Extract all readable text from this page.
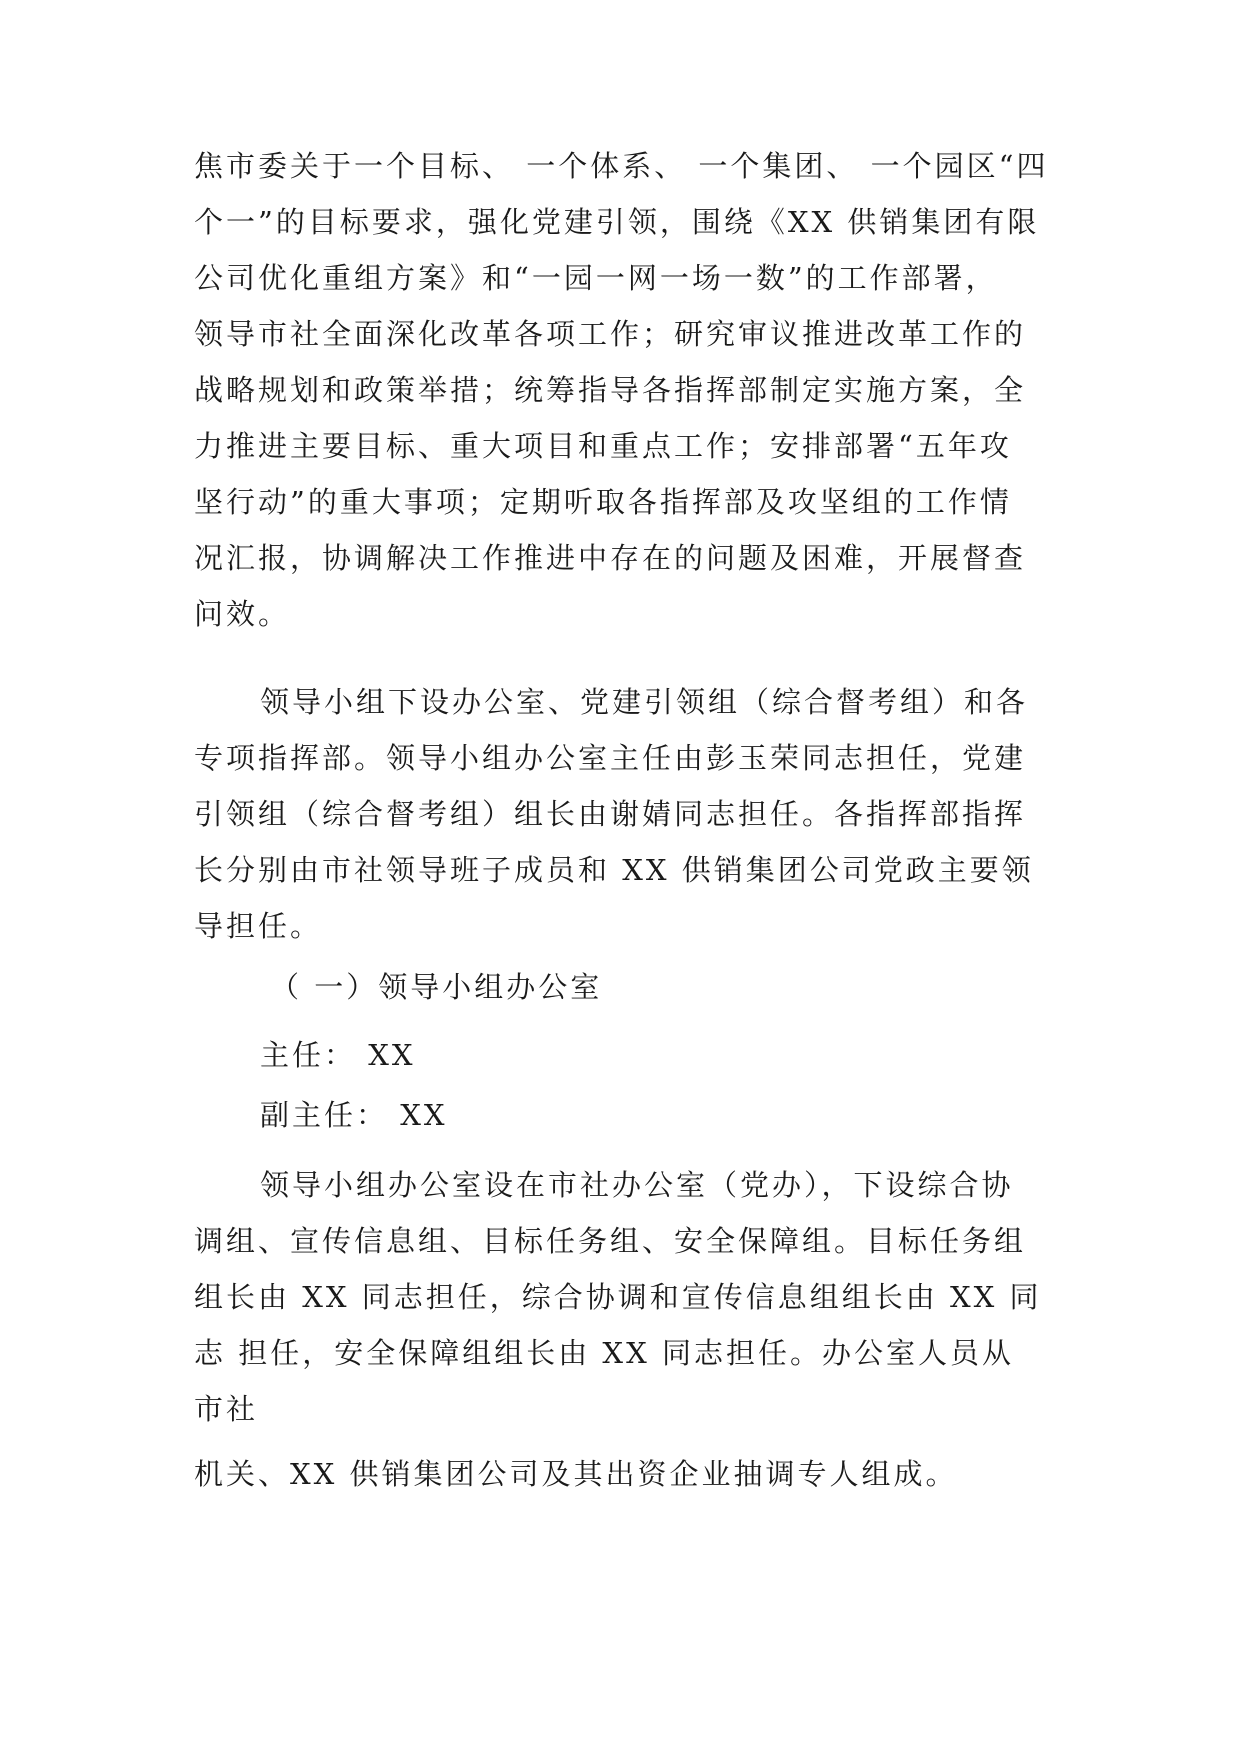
焦市委关于一个目标、 一个体系、 一个集团、 一个园区“四
个一”的目标要求，强化党建引领，围绕《XX 供销集团有限
公司优化重组方案》和“一园一网一场一数”的工作部署，
领导市社全面深化改革各项工作；研究审议推进改革工作的
战略规划和政策举措；统筹指导各指挥部制定实施方案，全
力推进主要目标、重大项目和重点工作；安排部署“五年攻
坚行动”的重大事项；定期听取各指挥部及攻坚组的工作情
况汇报，协调解决工作推进中存在的问题及困难，开展督查
问效。
领导小组下设办公室、党建引领组（综合督考组）和各
专项指挥部。领导小组办公室主任由彭玉荣同志担任，党建
引领组（综合督考组）组长由谢婧同志担任。各指挥部指挥
长分别由市社领导班子成员和 XX 供销集团公司党政主要领
导担任。
（ 一）领导小组办公室
主任： XX
副主任： XX
领导小组办公室设在市社办公室（党办），下设综合协
调组、宣传信息组、目标任务组、安全保障组。目标任务组
组长由 XX 同志担任，综合协调和宣传信息组组长由 XX 同
志 担任，安全保障组组长由 XX 同志担任。办公室人员从
市社
机关、XX 供销集团公司及其出资企业抽调专人组成。
